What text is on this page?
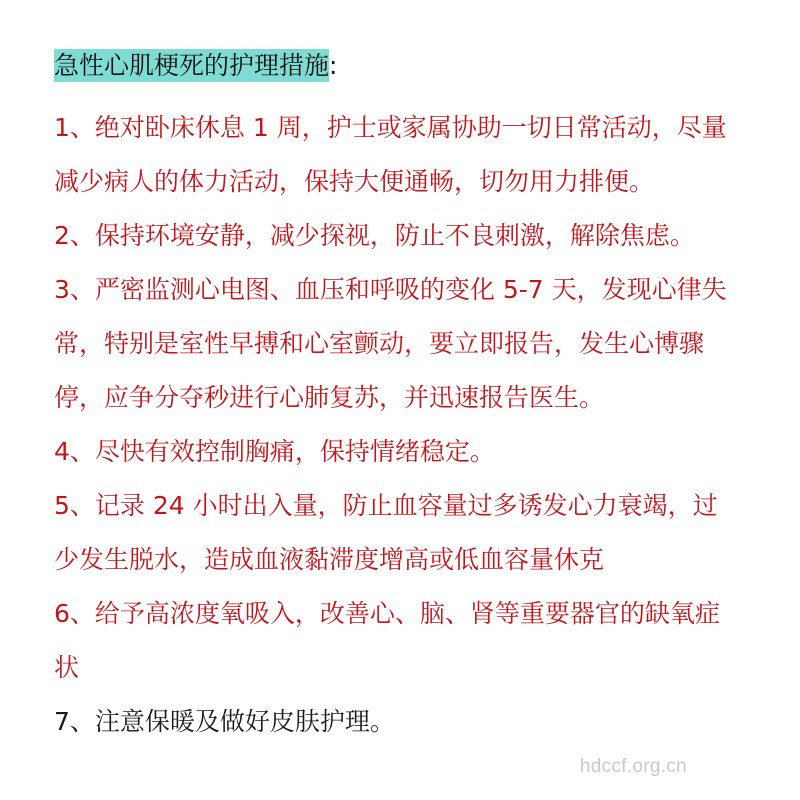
急性心肌梗死的护理措施:

1、绝对卧床休息 1 周，护士或家属协助一切日常活动，尽量
减少病人的体力活动，保持大便通畅，切勿用力排便。

2、保持环境安静，减少探视，防止不良刺激，解除焦虑。

3、严密监测心电图、血压和呼吸的变化 5-7 天，发现心律失
常，特别是室性早搏和心室颤动，要立即报告，发生心博骤
停，应争分夺秒进行心肺复苏，并迅速报告医生。

4、尽快有效控制胸痛，保持情绪稳定。

5、记录 24 小时出入量，防止血容量过多诱发心力衰竭，过
少发生脱水，造成血液黏滞度增高或低血容量休克

6、给予高浓度氧吸入，改善心、脑、肾等重要器官的缺氧症
状

7、注意保暖及做好皮肤护理。

hdccf.org.cn
